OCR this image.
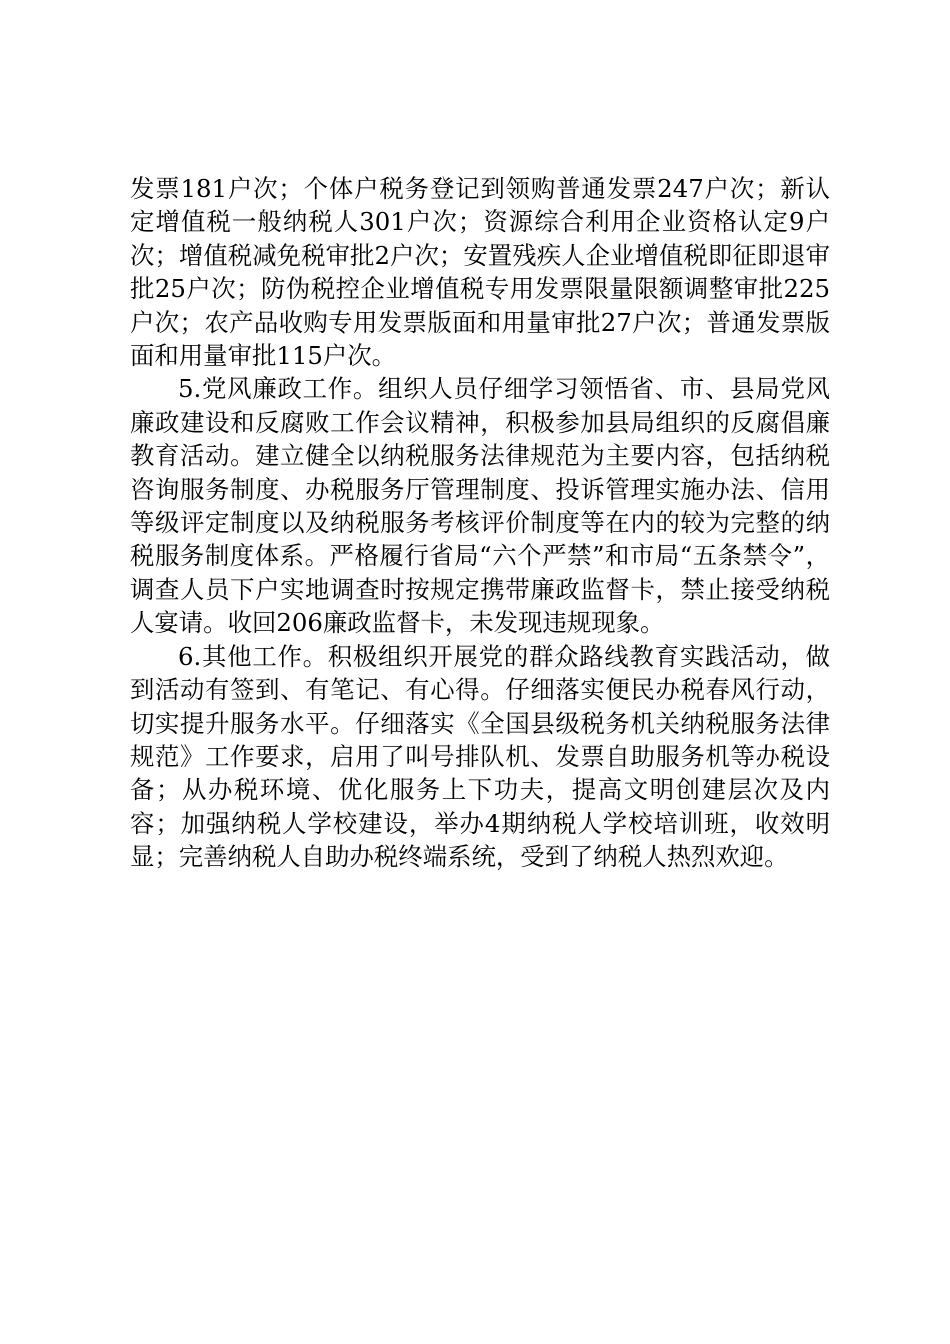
发票181户次；个体户税务登记到领购普通发票247户次；新认定增值税一般纳税人301户次；资源综合利用企业资格认定9户次；增值税减免税审批2户次；安置残疾人企业增值税即征即退审批25户次；防伪税控企业增值税专用发票限量限额调整审批225户次；农产品收购专用发票版面和用量审批27户次；普通发票版面和用量审批115户次。

5.党风廉政工作。组织人员仔细学习领悟省、市、县局党风廉政建设和反腐败工作会议精神，积极参加县局组织的反腐倡廉教育活动。建立健全以纳税服务法律规范为主要内容，包括纳税咨询服务制度、办税服务厅管理制度、投诉管理实施办法、信用等级评定制度以及纳税服务考核评价制度等在内的较为完整的纳税服务制度体系。严格履行省局“六个严禁”和市局“五条禁令”，调查人员下户实地调查时按规定携带廉政监督卡，禁止接受纳税人宴请。收回206廉政监督卡，未发现违规现象。

6.其他工作。积极组织开展党的群众路线教育实践活动，做到活动有签到、有笔记、有心得。仔细落实便民办税春风行动，切实提升服务水平。仔细落实《全国县级税务机关纳税服务法律规范》工作要求，启用了叫号排队机、发票自助服务机等办税设备；从办税环境、优化服务上下功夫，提高文明创建层次及内容；加强纳税人学校建设，举办4期纳税人学校培训班，收效明显；完善纳税人自助办税终端系统，受到了纳税人热烈欢迎。
